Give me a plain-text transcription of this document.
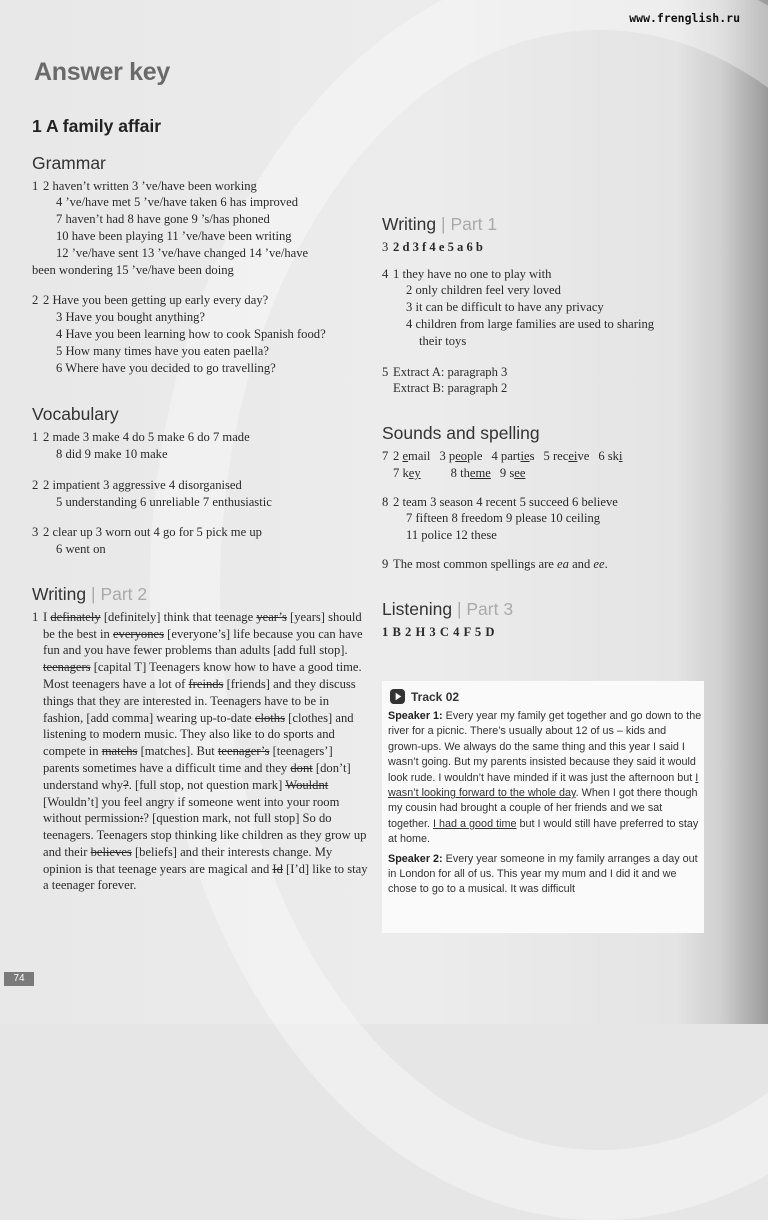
www.frenglish.ru
Answer key
1 A family affair
Grammar
1 2 haven’t written 3 ’ve/have been working
4 ’ve/have met 5 ’ve/have taken 6 has improved
7 haven’t had 8 have gone 9 ’s/has phoned
10 have been playing 11 ’ve/have been writing
12 ’ve/have sent 13 ’ve/have changed 14 ’ve/have
been wondering 15 ’ve/have been doing
2 2 Have you been getting up early every day?
3 Have you bought anything?
4 Have you been learning how to cook Spanish food?
5 How many times have you eaten paella?
6 Where have you decided to go travelling?
Vocabulary
1 2 made 3 make 4 do 5 make 6 do 7 made
8 did 9 make 10 make
2 2 impatient 3 aggressive 4 disorganised
5 understanding 6 unreliable 7 enthusiastic
3 2 clear up 3 worn out 4 go for 5 pick me up
6 went on
Writing | Part 2
1 I definately [definitely] think that teenage year’s [years] should be the best in everyones [everyone’s] life because you can have fun and you have fewer problems than adults [add full stop]. teenagers [capital T] Teenagers know how to have a good time. Most teenagers have a lot of freinds [friends] and they discuss things that they are interested in. Teenagers have to be in fashion, [add comma] wearing up-to-date cloths [clothes] and listening to modern music. They also like to do sports and compete in matchs [matches]. But teenager’s [teenagers’] parents sometimes have a difficult time and they dont [don’t] understand why?. [full stop, not question mark] Wouldnt [Wouldn’t] you feel angry if someone went into your room without permission:? [question mark, not full stop] So do teenagers. Teenagers stop thinking like children as they grow up and their believes [beliefs] and their interests change. My opinion is that teenage years are magical and Id [I’d] like to stay a teenager forever.
Writing | Part 1
3 2 d 3 f 4 e 5 a 6 b
4 1 they have no one to play with
2 only children feel very loved
3 it can be difficult to have any privacy
4 children from large families are used to sharing
their toys
5 Extract A: paragraph 3
Extract B: paragraph 2
Sounds and spelling
7 2 email 3 people 4 parties 5 receive 6 ski
7 key 8 theme 9 see
8 2 team 3 season 4 recent 5 succeed 6 believe
7 fifteen 8 freedom 9 please 10 ceiling
11 police 12 these
9 The most common spellings are ea and ee.
Listening | Part 3
1 B 2 H 3 C 4 F 5 D
Track 02
Speaker 1: Every year my family get together and go down to the river for a picnic. There’s usually about 12 of us – kids and grown-ups. We always do the same thing and this year I said I wasn’t going. But my parents insisted because they said it would look rude. I wouldn’t have minded if it was just the afternoon but I wasn’t looking forward to the whole day. When I got there though my cousin had brought a couple of her friends and we sat together. I had a good time but I would still have preferred to stay at home.
Speaker 2: Every year someone in my family arranges a day out in London for all of us. This year my mum and I did it and we chose to go to a musical. It was difficult
74
